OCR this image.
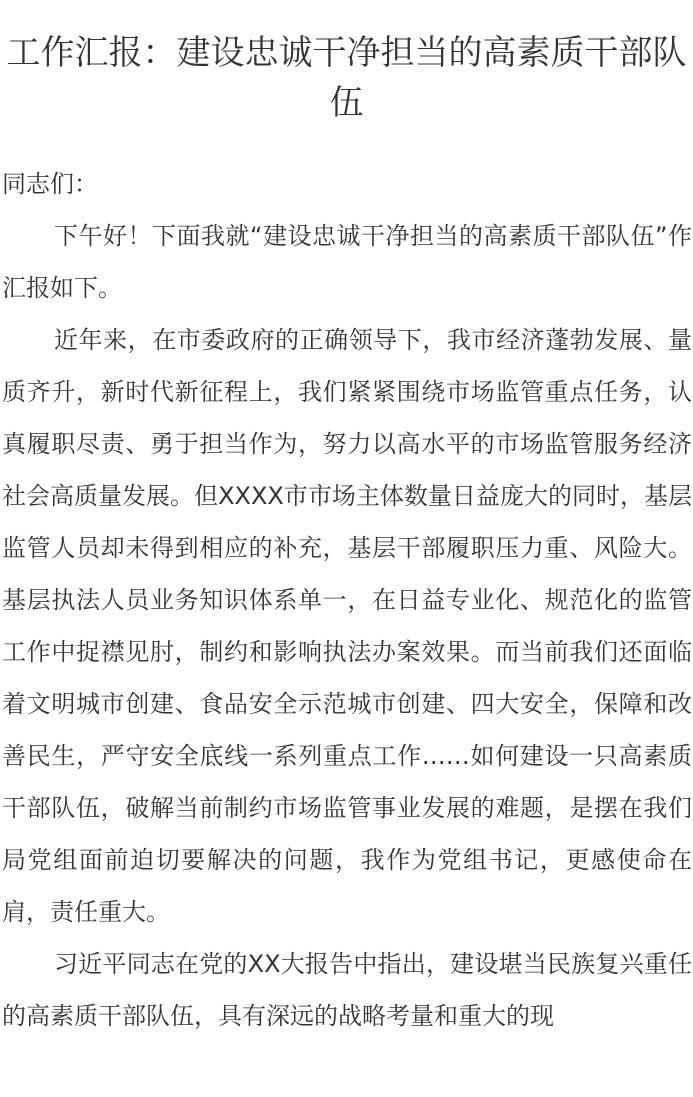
工作汇报：建设忠诚干净担当的高素质干部队伍

同志们：

下午好！下面我就“建设忠诚干净担当的高素质干部队伍”作汇报如下。

近年来，在市委政府的正确领导下，我市经济蓬勃发展、量质齐升，新时代新征程上，我们紧紧围绕市场监管重点任务，认真履职尽责、勇于担当作为，努力以高水平的市场监管服务经济社会高质量发展。但XXXX市市场主体数量日益庞大的同时，基层监管人员却未得到相应的补充，基层干部履职压力重、风险大。基层执法人员业务知识体系单一，在日益专业化、规范化的监管工作中捉襟见肘，制约和影响执法办案效果。而当前我们还面临着文明城市创建、食品安全示范城市创建、四大安全，保障和改善民生，严守安全底线一系列重点工作……如何建设一只高素质干部队伍，破解当前制约市场监管事业发展的难题，是摆在我们局党组面前迫切要解决的问题，我作为党组书记，更感使命在肩，责任重大。

习近平同志在党的XX大报告中指出，建设堪当民族复兴重任的高素质干部队伍，具有深远的战略考量和重大的现
